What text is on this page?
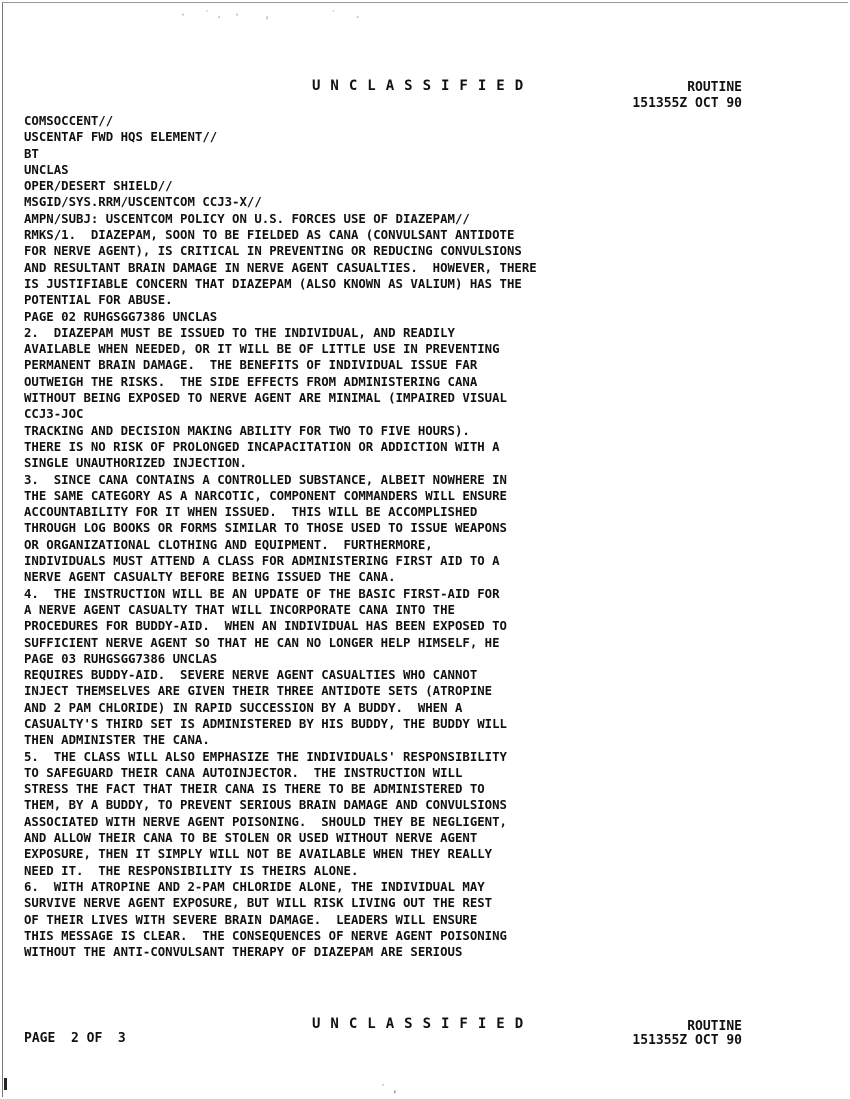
·   ˙ .  ·    ,          ˙   .
UNCLASSIFIED	ROUTINE
151355Z OCT 90
COMSOCCENT//
USCENTAF FWD HQS ELEMENT//
BT
UNCLAS
OPER/DESERT SHIELD//
MSGID/SYS.RRM/USCENTCOM CCJ3-X//
AMPN/SUBJ: USCENTCOM POLICY ON U.S. FORCES USE OF DIAZEPAM//
RMKS/1.  DIAZEPAM, SOON TO BE FIELDED AS CANA (CONVULSANT ANTIDOTE
FOR NERVE AGENT), IS CRITICAL IN PREVENTING OR REDUCING CONVULSIONS
AND RESULTANT BRAIN DAMAGE IN NERVE AGENT CASUALTIES.  HOWEVER, THERE
IS JUSTIFIABLE CONCERN THAT DIAZEPAM (ALSO KNOWN AS VALIUM) HAS THE
POTENTIAL FOR ABUSE.
PAGE 02 RUHGSGG7386 UNCLAS
2.  DIAZEPAM MUST BE ISSUED TO THE INDIVIDUAL, AND READILY
AVAILABLE WHEN NEEDED, OR IT WILL BE OF LITTLE USE IN PREVENTING
PERMANENT BRAIN DAMAGE.  THE BENEFITS OF INDIVIDUAL ISSUE FAR
OUTWEIGH THE RISKS.  THE SIDE EFFECTS FROM ADMINISTERING CANA
WITHOUT BEING EXPOSED TO NERVE AGENT ARE MINIMAL (IMPAIRED VISUAL
CCJ3-JOC
TRACKING AND DECISION MAKING ABILITY FOR TWO TO FIVE HOURS).
THERE IS NO RISK OF PROLONGED INCAPACITATION OR ADDICTION WITH A
SINGLE UNAUTHORIZED INJECTION.
3.  SINCE CANA CONTAINS A CONTROLLED SUBSTANCE, ALBEIT NOWHERE IN
THE SAME CATEGORY AS A NARCOTIC, COMPONENT COMMANDERS WILL ENSURE
ACCOUNTABILITY FOR IT WHEN ISSUED.  THIS WILL BE ACCOMPLISHED
THROUGH LOG BOOKS OR FORMS SIMILAR TO THOSE USED TO ISSUE WEAPONS
OR ORGANIZATIONAL CLOTHING AND EQUIPMENT.  FURTHERMORE,
INDIVIDUALS MUST ATTEND A CLASS FOR ADMINISTERING FIRST AID TO A
NERVE AGENT CASUALTY BEFORE BEING ISSUED THE CANA.
4.  THE INSTRUCTION WILL BE AN UPDATE OF THE BASIC FIRST-AID FOR
A NERVE AGENT CASUALTY THAT WILL INCORPORATE CANA INTO THE
PROCEDURES FOR BUDDY-AID.  WHEN AN INDIVIDUAL HAS BEEN EXPOSED TO
SUFFICIENT NERVE AGENT SO THAT HE CAN NO LONGER HELP HIMSELF, HE
PAGE 03 RUHGSGG7386 UNCLAS
REQUIRES BUDDY-AID.  SEVERE NERVE AGENT CASUALTIES WHO CANNOT
INJECT THEMSELVES ARE GIVEN THEIR THREE ANTIDOTE SETS (ATROPINE
AND 2 PAM CHLORIDE) IN RAPID SUCCESSION BY A BUDDY.  WHEN A
CASUALTY'S THIRD SET IS ADMINISTERED BY HIS BUDDY, THE BUDDY WILL
THEN ADMINISTER THE CANA.
5.  THE CLASS WILL ALSO EMPHASIZE THE INDIVIDUALS' RESPONSIBILITY
TO SAFEGUARD THEIR CANA AUTOINJECTOR.  THE INSTRUCTION WILL
STRESS THE FACT THAT THEIR CANA IS THERE TO BE ADMINISTERED TO
THEM, BY A BUDDY, TO PREVENT SERIOUS BRAIN DAMAGE AND CONVULSIONS
ASSOCIATED WITH NERVE AGENT POISONING.  SHOULD THEY BE NEGLIGENT,
AND ALLOW THEIR CANA TO BE STOLEN OR USED WITHOUT NERVE AGENT
EXPOSURE, THEN IT SIMPLY WILL NOT BE AVAILABLE WHEN THEY REALLY
NEED IT.  THE RESPONSIBILITY IS THEIRS ALONE.
6.  WITH ATROPINE AND 2-PAM CHLORIDE ALONE, THE INDIVIDUAL MAY
SURVIVE NERVE AGENT EXPOSURE, BUT WILL RISK LIVING OUT THE REST
OF THEIR LIVES WITH SEVERE BRAIN DAMAGE.  LEADERS WILL ENSURE
THIS MESSAGE IS CLEAR.  THE CONSEQUENCES OF NERVE AGENT POISONING
WITHOUT THE ANTI-CONVULSANT THERAPY OF DIAZEPAM ARE SERIOUS
PAGE  2 OF  3
UNCLASSIFIED	ROUTINE
151355Z OCT 90
˙ ,
